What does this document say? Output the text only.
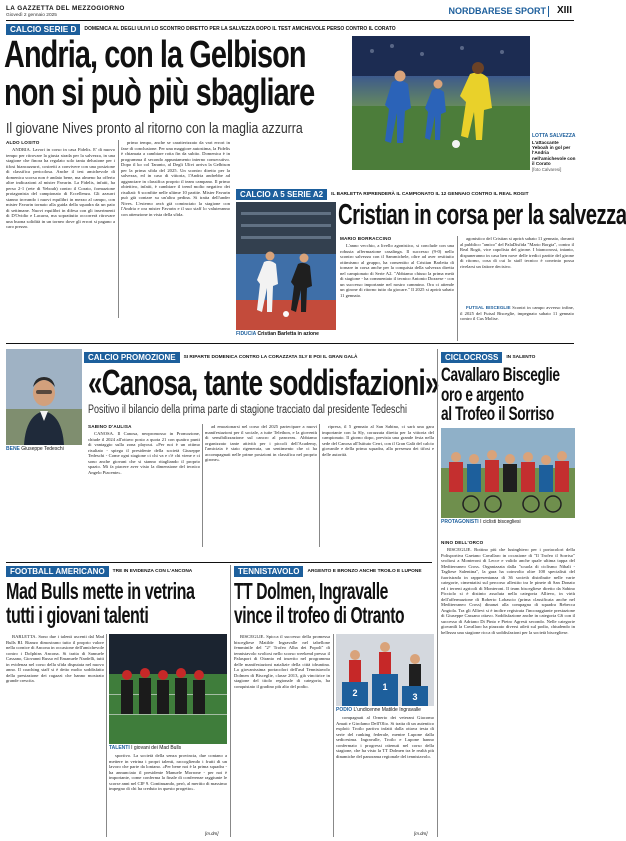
LA GAZZETTA DEL MEZZOGIORNO
Giovedì 2 gennaio 2025	NORDBARESE SPORT XIII
CALCIO SERIE D	DOMENICA AL DEGLI ULIVI LO SCONTRO DIRETTO PER LA SALVEZZA DOPO IL TEST AMICHEVOLE PERSO CONTRO IL CORATO
Andria, con la Gelbison
non si può più sbagliare
Il giovane Nives pronto al ritorno con la maglia azzurra	LOTTA SALVEZZA
L'attaccante Yeboah in gol per l'Andria nell'amichevole con il Corato
[foto Calvaresi]
ALDO LOSITO

ANDRIA. Lavori in corso in casa Fidelis. E' di nuovo tempo per ritrovare la giusta strada per la salvezza, in una stagione che finora ha regalato solo tanta delusione per i tifosi biancazzurri, costretti a convivere con una posizione di classifica pericolosa. Anche il test amichevole di domenica scorsa non è andato bene, ma almeno ha offerto altre indicazioni al mister Favarin. La Fidelis, infatti, ha perso 2-1 (rete di Yeboah) contro il Corato, formazione protagonista del campionato di Eccellenza. Gli azzurri stanno trovando i nuovi equilibri in mezzo al campo, con mister Favarin tornato alla guida della squadra da un paio di settimane. Nuovi equilibri in difesa con gli inserimenti di D'Ovidio e Lacarra, ma soprattutto occorrerà ritrovare una buona solidità in un torneo dove gli errori si pagano a caro prezzo.

primo tempo, anche se caratterizzato da vari errori in fase di conclusione. Per una maggiore autostima, la Fidelis è chiamata a cambiare rotta fin da subito. Domenica è in programma il secondo appuntamento interno consecutivo. Dopo il ko col Taranto, al Degli Ulivi arriva la Gelbison per la prima sfida del 2025. Un scontro diretto per la salvezza, ed in caso di vittoria, l'Andria andrebbe ad agganciare in classifica proprio il team campano. Il primo obiettivo, infatti, è cambiare il trend molto negativo dei risultati: 6 sconfitte nelle ultime 10 partite. Mister Favarin può già contare su un'altra pedina. Si tratta dell'under Nives. L'esterno avrà già cominciato la stagione con l'Andria e ora mister Favarin e il suo staff lo valuteranno con attenzione in vista della sfida.

CALCIO A 5 SERIE A2	IL BARLETTA RIPRENDERÀ IL CAMPIONATO IL 12 GENNAIO CONTRO IL REAL ROGIT
FIDUCIA Cristian Barletta in azione
Cristian in corsa per la salvezza
MARIO BORRACCINO

L'anno vecchio, a livello agonistico, si conclude con una robusta affermazione casalinga. Il successo (9-0) nello scontro salvezza con il Sammichele, oltre ad aver restituito ottimismo al gruppo, ha consentito al Cristian Barletta di tornare in corsa anche per la conquista della salvezza diretta nel campionato di Serie A2. "Abbiamo chiuso la prima metà di stagione - ha commentato il tecnico Antonio Dozzese - con un successo importante nel nostro cammino. Ora ci attende un girone di ritorno tutto da giocare." Il 2025 si aprirà sabato 11 gennaio.

agonistico del Cristian si aprirà sabato 11 gennaio, davanti al pubblico "amico" del PalaDisfida "Mario Borgia", contro il Real Rogit, vice capolista del girone. I biancorossi, intanto, dispuneranno in casa ben nove delle tredici partite del girone di ritorno, cosa di cui lo staff tecnico è convinto possa rivelarsi un fattore decisivo.

FUTSAL BISCEGLIE Scontri in campo avverso infine, il 2025 del Futsal Bisceglie, impegnato sabato 11 gennaio contro il Cus Molise.

CALCIO PROMOZIONE	SI RIPARTE DOMENICA CONTRO LA CORAZZATA SLY E POI IL GRAN GALÀ
BENE Giuseppe Tedeschi
«Canosa, tante soddisfazioni»
Positivo il bilancio della prima parte di stagione tracciato dal presidente Tedeschi
SABINO D'AULISA

CANOSA. Il Canosa, neopromosso in Promozione, chiude il 2024 all'ottavo posto a quota 21 con quattro punti di vantaggio sulla zona playout. «Per noi è un ottimo risultato - spiega il presidente della società Giuseppe Tedeschi - Come ogni stagione ci chi va e c'è chi viene e ci sono anche giovani che si stanno ritagliando il proprio spazio. Mi fa piacere aver visto la dimensione del tecnico Angelo Piacente».

ad emozionarsi nel corso del 2025 partecipare a nuovi manifestazioni per il sociale, a tutte Telethon, e la gioventù di sensibilizzazione sul cancro al pancreas. Abbiamo organizzato tante attività per i piccoli dell'Academy, l'amicizia è stato rigenerata, un sentimento che ci ha accompagnati nelle prime posizioni in classifica nel proprio girone».

ripresa, il 5 gennaio al San Sabino, ci sarà una gara importante con la Sly, corazzata diretta per la vittoria del campionato. Il giorno dopo, prevista una grande festa nella sede del Canosa all'Istituto Cerri, con il Gran Galà del calcio giovanile e della prima squadra, alla presenza dei tifosi e delle autorità.

CICLOCROSS	IN SALENTO
Cavallaro Bisceglie
oro e argento
al Trofeo il Sorriso
PROTAGONISTI I ciclisti biscegliesi
NINO DELL'ORCO

BISCEGLIE. Bottino più che lusinghiero per i portacolori della Polisportiva Gaetano Cavallaro in occasione di "Il Trofeo il Sorriso" svoltosi a Monteroni di Lecce e valido anche quale ultima tappa del Mediterraneo Cross. Organizzata dalla "scuola di ciclismo Nibali - Tagliese Salentina", la gara ha coinvolto oltre 100 specialisti del fuoristrada in rappresentanza di 36 società distribuite nelle varie categorie, cimentatisi sul percorso allestito tra le pinete di San Donato ed i terreni agricoli di Monteroni. Il team biscegliese diretto da Sabino Picciolo si è distinto assoluta nella categoria Allievo, in virtù dell'affermazione di Roberto Lobascio (prima classificata anche nel Mediterraneo Cross) dinanzi alla compagna di squadra Rebecca Angiola. Tra gli Allievi si è inoltre registrata l'incoraggiante prestazione di Giuseppe Cassano ottavo. Soddisfazione anche in categoria G6 con il successo di Adriano Di Pinto e Pietro Agresti secondo. Nelle categorie giovanili la Cavallaro ha piazzato diversi atleti sul podio, chiudendo in bellezza una stagione ricca di soddisfazioni per la società biscegliese.

FOOTBALL AMERICANO	TRE IN EVIDENZA CON L'ANCONA
Mad Bulls mette in vetrina
tutti i giovani talenti

BARLETTA. Sono due i talenti uscenti dal Mad Bulls RI. Rianzo dimostrano tutto il proprio valore nella cornice di Ancona in occasione dell'amichevole contro i Dolphins Ancona. Si tratta di Samuele Cassano, Giovanni Russo ed Emanuele Nardelli, tutti in evidenza nel corso della sfida disputata nel nuovo anno. Il coaching staff si è detto molto soddisfatto della prestazione dei ragazzi che hanno mostrato grande crescita.

TALENTI I giovani dei Mad Bulls

sportivo. La società della senza provincia, due contano a mettere in vetrina i propri talenti, raccogliendo i frutti di un lavoro che parte da lontano. «Per bene noi è la prima squadra - ha annunciato il presidente Manuele Morrone - per noi è importante, come conferma la finale di conferenze raggiunte le scorse anni nel CIF 9. Continuando, però, al meritio di massimo impegno di chi ha creduto in questo progetto».

[m.dm]
TENNISTAVOLO	ARGENTO E BRONZO ANCHE TROILO E LUPONE
TT Dolmen, Ingravalle
vince il trofeo di Otranto

BISCEGLIE. Spicca il successo della promessa biscegliese Matilde Ingravalle nel tabellone femminile del "2° Trofeo Alba dei Popoli" di tennistavolo svoltosi nello scorso weekend presso il Palasport di Otranto ed inserito nel programma delle manifestazioni natalizie della città idruntina. La giovanissima portacolori dell'asd Tennistavolo Dolmen di Bisceglie, classe 2013, già vincitrice in stagione del titolo regionale di categoria, ha conquistato il gradino più alto del podio.

2
1
3
PODIO L'undicenne Matilde Ingravalle

compagnati al Ornerto dei veterani Giacomo Amati e Girolamo Dell'Olio. Si tratta di un autentico exploit: Troilo partiva infatti dalla ottava testa di serie del ranking federale, mentre Lupone dalla sedicesima. Ingravalle, Troilo e Lupone hanno confermato i progressi ottenuti nel corso della stagione, che ha visto la TT Dolmen tra le realtà più dinamiche del panorama regionale del tennistavolo.

[m.dm]
